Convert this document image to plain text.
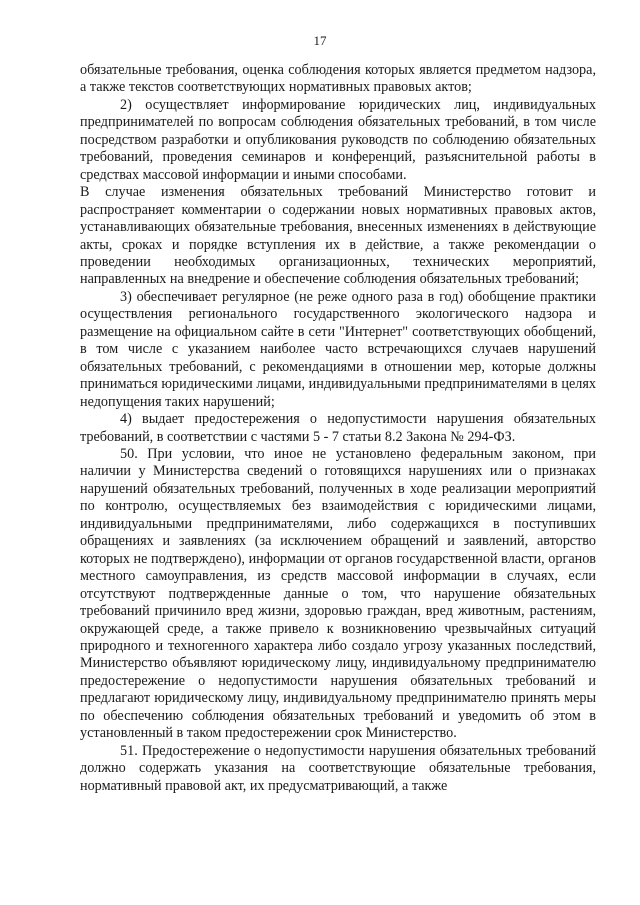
17

обязательные требования, оценка соблюдения которых является предметом надзора, а также текстов соответствующих нормативных правовых актов;

2) осуществляет информирование юридических лиц, индивидуальных предпринимателей по вопросам соблюдения обязательных требований, в том числе посредством разработки и опубликования руководств по соблюдению обязательных требований, проведения семинаров и конференций, разъяснительной работы в средствах массовой информации и иными способами.

В случае изменения обязательных требований Министерство готовит и распространяет комментарии о содержании новых нормативных правовых актов, устанавливающих обязательные требования, внесенных изменениях в действующие акты, сроках и порядке вступления их в действие, а также рекомендации о проведении необходимых организационных, технических мероприятий, направленных на внедрение и обеспечение соблюдения обязательных требований;

3) обеспечивает регулярное (не реже одного раза в год) обобщение практики осуществления регионального государственного экологического надзора и размещение на официальном сайте в сети "Интернет" соответствующих обобщений, в том числе с указанием наиболее часто встречающихся случаев нарушений обязательных требований, с рекомендациями в отношении мер, которые должны приниматься юридическими лицами, индивидуальными предпринимателями в целях недопущения таких нарушений;

4) выдает предостережения о недопустимости нарушения обязательных требований, в соответствии с частями 5 - 7 статьи 8.2 Закона № 294-ФЗ.

50. При условии, что иное не установлено федеральным законом, при наличии у Министерства сведений о готовящихся нарушениях или о признаках нарушений обязательных требований, полученных в ходе реализации мероприятий по контролю, осуществляемых без взаимодействия с юридическими лицами, индивидуальными предпринимателями, либо содержащихся в поступивших обращениях и заявлениях (за исключением обращений и заявлений, авторство которых не подтверждено), информации от органов государственной власти, органов местного самоуправления, из средств массовой информации в случаях, если отсутствуют подтвержденные данные о том, что нарушение обязательных требований причинило вред жизни, здоровью граждан, вред животным, растениям, окружающей среде, а также привело к возникновению чрезвычайных ситуаций природного и техногенного характера либо создало угрозу указанных последствий, Министерство объявляют юридическому лицу, индивидуальному предпринимателю предостережение о недопустимости нарушения обязательных требований и предлагают юридическому лицу, индивидуальному предпринимателю принять меры по обеспечению соблюдения обязательных требований и уведомить об этом в установленный в таком предостережении срок Министерство.

51. Предостережение о недопустимости нарушения обязательных требований должно содержать указания на соответствующие обязательные требования, нормативный правовой акт, их предусматривающий, а также
